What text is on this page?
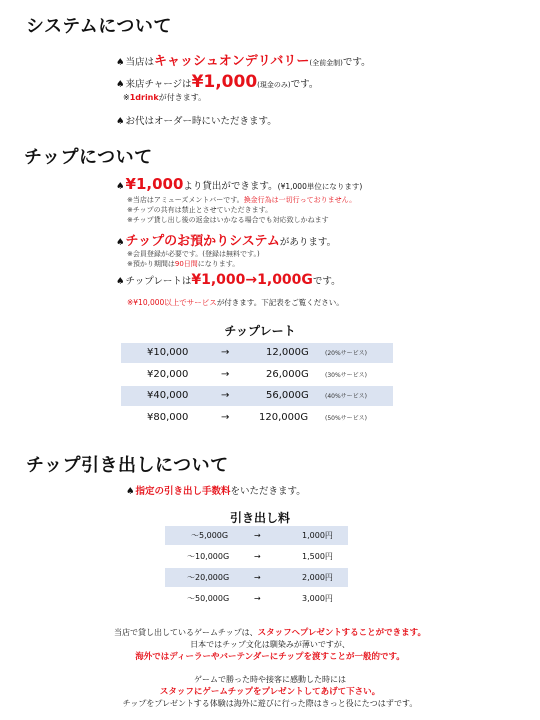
システムについて
♠当店はキャッシュオンデリバリー(全前金制)です。
♠来店チャージは¥1,000(現金のみ)です。
※1drinkが付きます。
♠お代はオーダー時にいただきます。
チップについて
♠¥1,000より貸出ができます。(¥1,000単位になります)
※当店はアミューズメントバーです。換金行為は一切行っておりません。
※チップの共有は禁止とさせていただきます。
※チップ貸し出し後の返金はいかなる場合でも対応致しかねます
♠チップのお預かりシステムがあります。
※会員登録が必要です。(登録は無料です。)
※預かり期間は90日間になります。
♠チップレートは¥1,000→1,000Gです。
※¥10,000以上でサービスが付きます。下記表をご覧ください。
チップレート
¥10,000	→	12,000G	(20%サービス)
¥20,000	→	26,000G	(30%サービス)
¥40,000	→	56,000G	(40%サービス)
¥80,000	→	120,000G	(50%サービス)
チップ引き出しについて
♠指定の引き出し手数料をいただきます。
引き出し料
～5,000G	→	1,000円
～10,000G	→	1,500円
～20,000G	→	2,000円
～50,000G	→	3,000円
当店で貸し出しているゲームチップは、スタッフへプレゼントすることができます。
日本ではチップ文化は馴染みが薄いですが、
海外ではディーラーやバーテンダーにチップを渡すことが一般的です。
ゲームで勝った時や接客に感動した時には
スタッフにゲームチップをプレゼントしてあげて下さい。
チップをプレゼントする体験は海外に遊びに行った際はきっと役にたつはずです。
